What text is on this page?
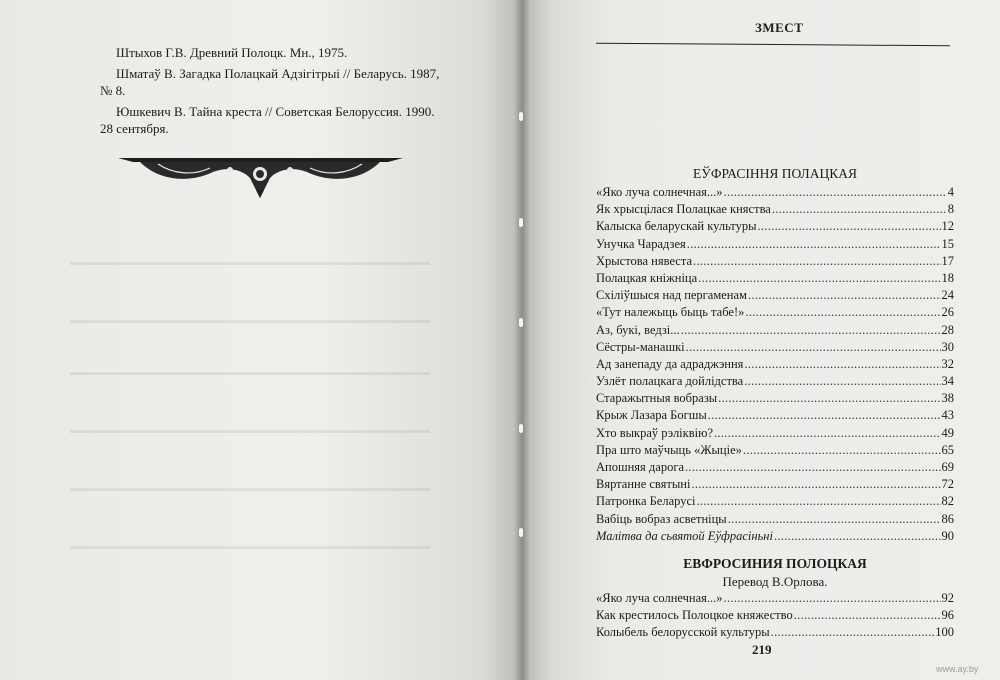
Штыхов Г.В. Древний Полоцк. Мн., 1975.

Шматаў В. Загадка Полацкай Адзігітрыі // Беларусь. 1987, № 8.

Юшкевич В. Тайна креста // Советская Белоруссия. 1990. 28 сентября.

ЗМЕСТ
ЕЎФРАСІННЯ ПОЛАЦКАЯ
«Яко луча солнечная...» .....	4
Як хрысцілася Полацкае княства .....	8
Калыска беларускай культуры .....	12
Унучка Чарадзея .....	15
Хрыстова нявеста .....	17
Полацкая кніжніца .....	18
Схіліўшыся над пергаменам .....	24
«Тут належыць быць табе!» .....	26
Аз, букі, ведзі... .....	28
Сёстры-манашкі .....	30
Ад занепаду да адраджэння .....	32
Узлёт полацкага дойлідства .....	34
Старажытныя вобразы .....	38
Крыж Лазара Богшы .....	43
Хто выкраў рэліквію? .....	49
Пра што маўчыць «Жыціе» .....	65
Апошняя дарога .....	69
Вяртанне святыні .....	72
Патронка Беларусі .....	82
Вабіць вобраз асветніцы .....	86
Малітва да сьвятой Еўфрасіньні .....	90
ЕВФРОСИНИЯ ПОЛОЦКАЯ
Перевод В.Орлова.
«Яко луча солнечная...» .....	92
Как крестилось Полоцкое княжество .....	96
Колыбель белорусской культуры .....	100
219
www.ay.by
